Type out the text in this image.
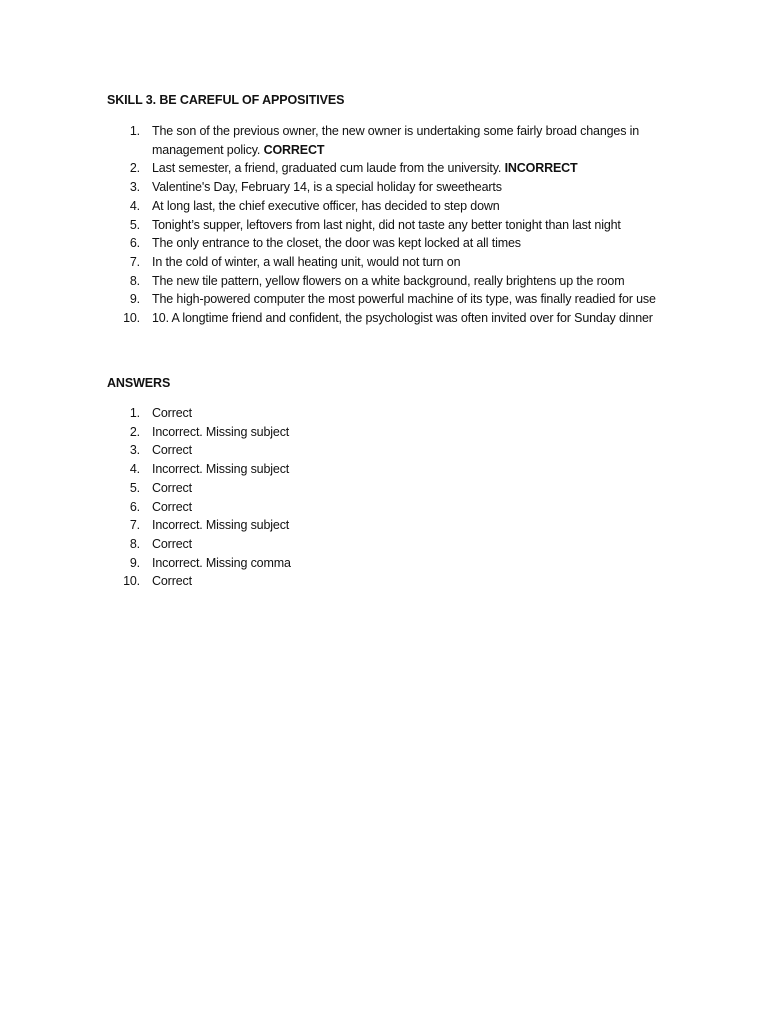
SKILL 3. BE CAREFUL OF APPOSITIVES
1. The son of the previous owner, the new owner is undertaking some fairly broad changes in management policy. CORRECT
2. Last semester, a friend, graduated cum laude from the university. INCORRECT
3. Valentine's Day, February 14, is a special holiday for sweethearts
4. At long last, the chief executive officer, has decided to step down
5. Tonight’s supper, leftovers from last night, did not taste any better tonight than last night
6. The only entrance to the closet, the door was kept locked at all times
7. In the cold of winter, a wall heating unit, would not turn on
8. The new tile pattern, yellow flowers on a white background, really brightens up the room
9. The high-powered computer the most powerful machine of its type, was finally readied for use
10. 10. A longtime friend and confident, the psychologist was often invited over for Sunday dinner
ANSWERS
1. Correct
2. Incorrect. Missing subject
3. Correct
4. Incorrect. Missing subject
5. Correct
6. Correct
7. Incorrect. Missing subject
8. Correct
9. Incorrect. Missing comma
10. Correct
